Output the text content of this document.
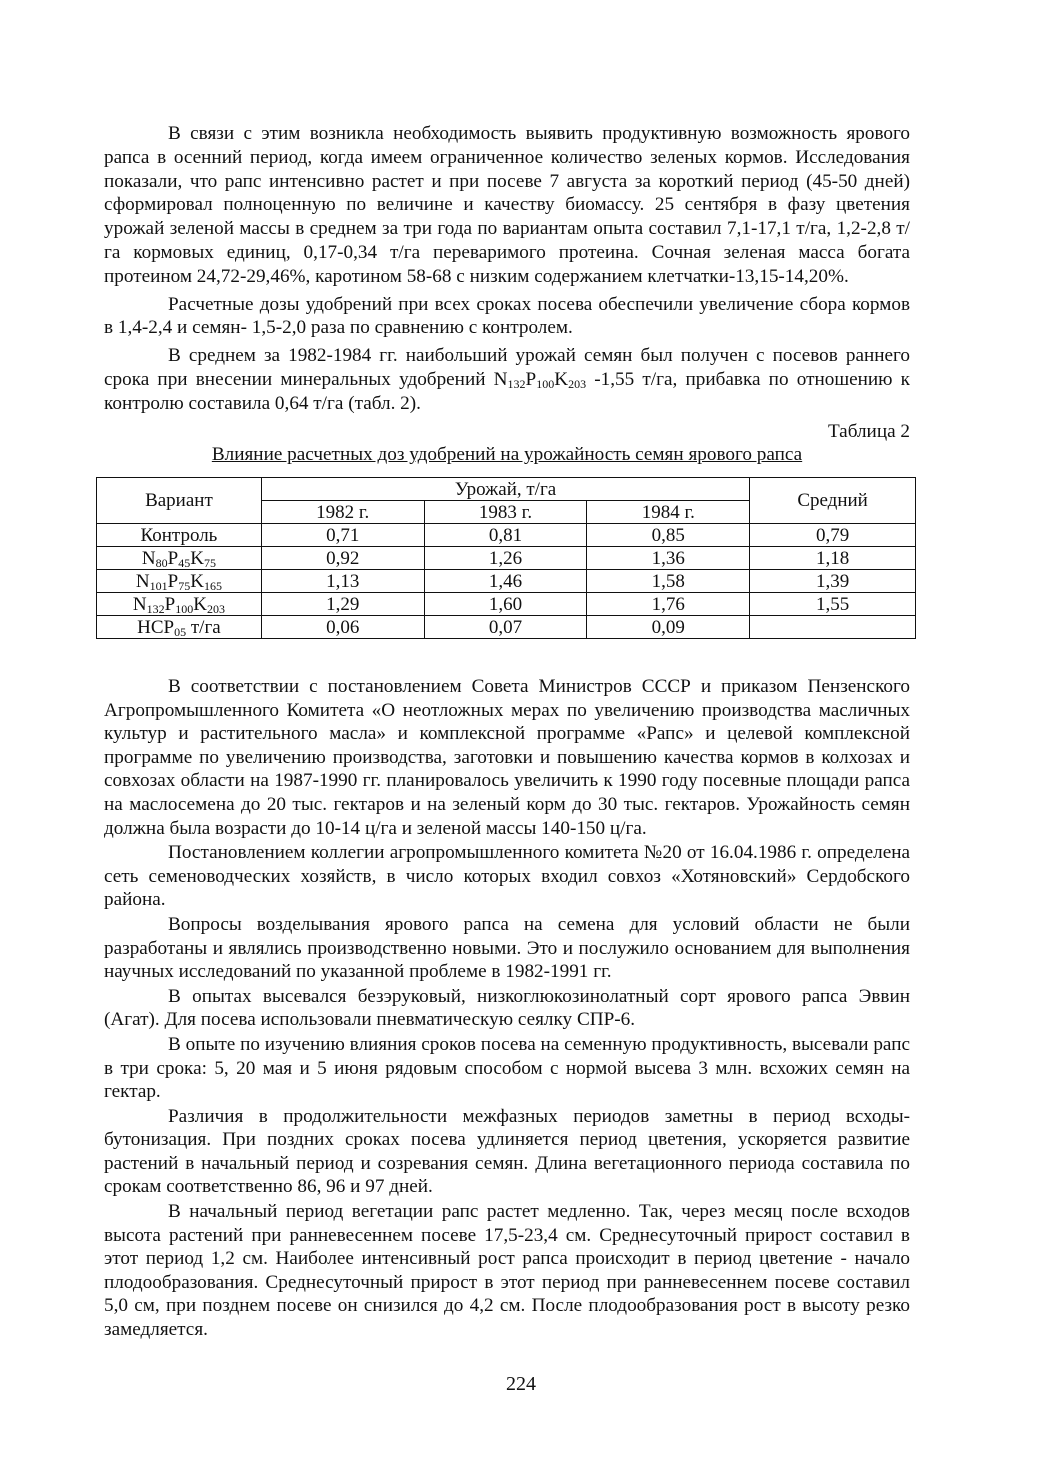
В связи с этим возникла необходимость выявить продуктивную возможность ярового рапса в осенний период, когда имеем ограниченное количество зеленых кормов. Исследования показали, что рапс интенсивно растет и при посеве 7 августа за короткий период (45-50 дней) сформировал полноценную по величине и качеству биомассу. 25 сентября в фазу цветения урожай зеленой массы в среднем за три года по вариантам опыта составил 7,1-17,1 т/га, 1,2-2,8 т/га кормовых единиц, 0,17-0,34 т/га переваримого протеина. Сочная зеленая масса богата протеином 24,72-29,46%, каротином 58-68 с низким содержанием клетчатки-13,15-14,20%.

Расчетные дозы удобрений при всех сроках посева обеспечили увеличение сбора кормов в 1,4-2,4 и семян- 1,5-2,0 раза по сравнению с контролем.

В среднем за 1982-1984 гг. наибольший урожай семян был получен с посевов раннего срока при внесении минеральных удобрений $N_{132}P_{100}K_{203}$ -1,55 т/га, прибавка по отношению к контролю составила 0,64 т/га (табл. 2).

Таблица 2
Влияние расчетных доз удобрений на урожайность семян ярового рапса
Вариант	Урожай, т/га			Средний
	1982 г.	1983 г.	1984 г.	
Контроль	0,71	0,81	0,85	0,79
$N_{80}P_{45}K_{75}$	0,92	1,26	1,36	1,18
$N_{101}P_{75}K_{165}$	1,13	1,46	1,58	1,39
$N_{132}P_{100}K_{203}$	1,29	1,60	1,76	1,55
$НСР_{05}$ т/га	0,06	0,07	0,09	

В соответствии с постановлением Совета Министров СССР и приказом Пензенского Агропромышленного Комитета «О неотложных мерах по увеличению производства масличных культур и растительного масла» и комплексной программе «Рапс» и целевой комплексной программе по увеличению производства, заготовки и повышению качества кормов в колхозах и совхозах области на 1987-1990 гг. планировалось увеличить к 1990 году посевные площади рапса на маслосемена до 20 тыс. гектаров и на зеленый корм до 30 тыс. гектаров. Урожайность семян должна была возрасти до 10-14 ц/га и зеленой массы 140-150 ц/га.

Постановлением коллегии агропромышленного комитета №20 от 16.04.1986 г. определена сеть семеноводческих хозяйств, в число которых входил совхоз «Хотяновский» Сердобского района.

Вопросы возделывания ярового рапса на семена для условий области не были разработаны и являлись производственно новыми. Это и послужило основанием для выполнения научных исследований по указанной проблеме в 1982-1991 гг.

В опытах высевался безэруковый, низкоглюкозинолатный сорт ярового рапса Эввин (Агат). Для посева использовали пневматическую сеялку СПР-6.

В опыте по изучению влияния сроков посева на семенную продуктивность, высевали рапс в три срока: 5, 20 мая и 5 июня рядовым способом с нормой высева 3 млн. всхожих семян на гектар.

Различия в продолжительности межфазных периодов заметны в период всходы- бутонизация. При поздних сроках посева удлиняется период цветения, ускоряется развитие растений в начальный период и созревания семян. Длина вегетационного периода составила по срокам соответственно 86, 96 и 97 дней.

В начальный период вегетации рапс растет медленно. Так, через месяц после всходов высота растений при ранневесеннем посеве 17,5-23,4 см. Среднесуточный прирост составил в этот период 1,2 см. Наиболее интенсивный рост рапса происходит в период цветение - начало плодообразования. Среднесуточный прирост в этот период при ранневесеннем посеве составил 5,0 см, при позднем посеве он снизился до 4,2 см. После плодообразования рост в высоту резко замедляется.

224
